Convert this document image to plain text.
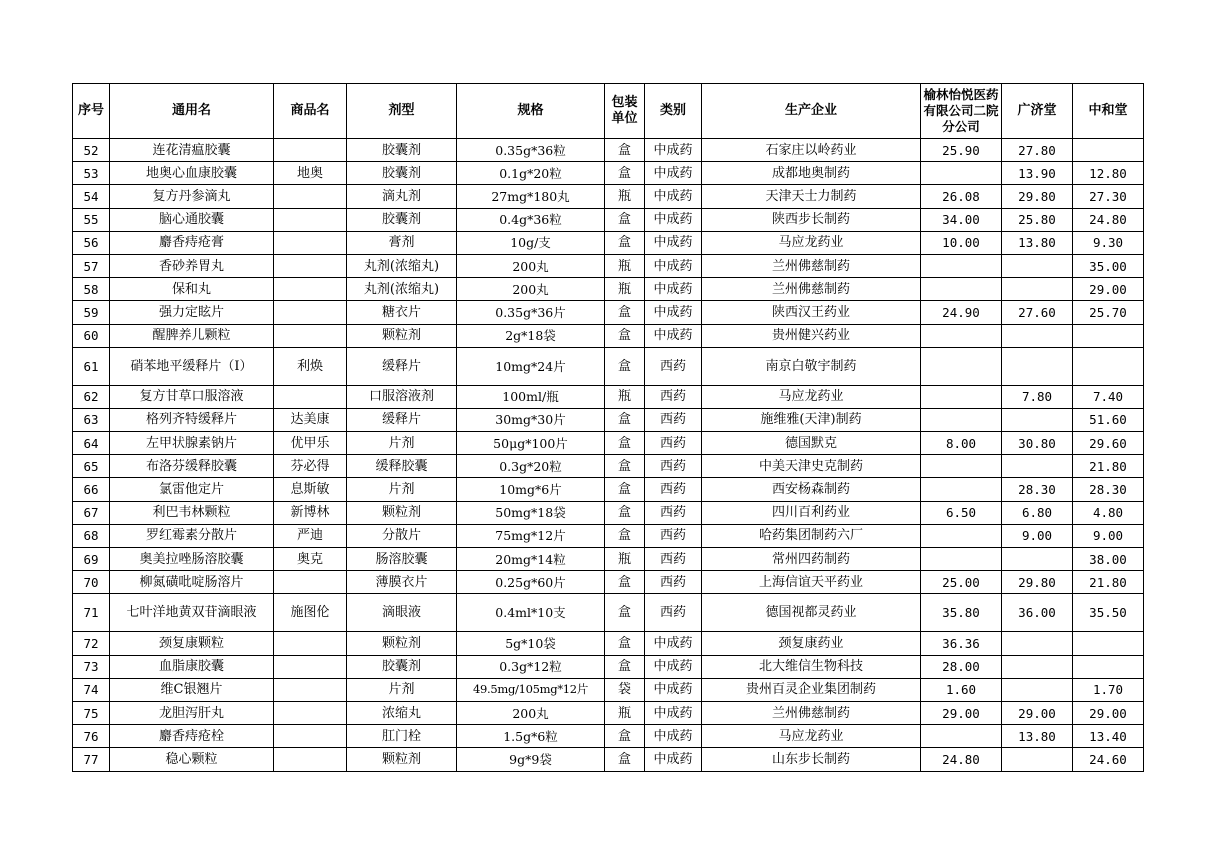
序号	通用名	商品名	剂型	规格	包装单位	类别	生产企业	榆林怡悦医药有限公司二院分公司	广济堂	中和堂
52	连花清瘟胶囊		胶囊剂	0.35g*36粒	盒	中成药	石家庄以岭药业	25.90	27.80	
53	地奥心血康胶囊	地奥	胶囊剂	0.1g*20粒	盒	中成药	成都地奥制药		13.90	12.80
54	复方丹参滴丸		滴丸剂	27mg*180丸	瓶	中成药	天津天士力制药	26.08	29.80	27.30
55	脑心通胶囊		胶囊剂	0.4g*36粒	盒	中成药	陕西步长制药	34.00	25.80	24.80
56	麝香痔疮膏		膏剂	10g/支	盒	中成药	马应龙药业	10.00	13.80	9.30
57	香砂养胃丸		丸剂(浓缩丸)	200丸	瓶	中成药	兰州佛慈制药			35.00
58	保和丸		丸剂(浓缩丸)	200丸	瓶	中成药	兰州佛慈制药			29.00
59	强力定眩片		糖衣片	0.35g*36片	盒	中成药	陕西汉王药业	24.90	27.60	25.70
60	醒脾养儿颗粒		颗粒剂	2g*18袋	盒	中成药	贵州健兴药业			
61	硝苯地平缓释片（Ⅰ）	利焕	缓释片	10mg*24片	盒	西药	南京白敬宇制药			
62	复方甘草口服溶液		口服溶液剂	100ml/瓶	瓶	西药	马应龙药业		7.80	7.40
63	格列齐特缓释片	达美康	缓释片	30mg*30片	盒	西药	施维雅(天津)制药			51.60
64	左甲状腺素钠片	优甲乐	片剂	50μg*100片	盒	西药	德国默克	8.00	30.80	29.60
65	布洛芬缓释胶囊	芬必得	缓释胶囊	0.3g*20粒	盒	西药	中美天津史克制药			21.80
66	氯雷他定片	息斯敏	片剂	10mg*6片	盒	西药	西安杨森制药		28.30	28.30
67	利巴韦林颗粒	新博林	颗粒剂	50mg*18袋	盒	西药	四川百利药业	6.50	6.80	4.80
68	罗红霉素分散片	严迪	分散片	75mg*12片	盒	西药	哈药集团制药六厂		9.00	9.00
69	奥美拉唑肠溶胶囊	奥克	肠溶胶囊	20mg*14粒	瓶	西药	常州四药制药			38.00
70	柳氮磺吡啶肠溶片		薄膜衣片	0.25g*60片	盒	西药	上海信谊天平药业	25.00	29.80	21.80
71	七叶洋地黄双苷滴眼液	施图伦	滴眼液	0.4ml*10支	盒	西药	德国视都灵药业	35.80	36.00	35.50
72	颈复康颗粒		颗粒剂	5g*10袋	盒	中成药	颈复康药业	36.36		
73	血脂康胶囊		胶囊剂	0.3g*12粒	盒	中成药	北大维信生物科技	28.00		
74	维C银翘片		片剂	49.5mg/105mg*12片	袋	中成药	贵州百灵企业集团制药	1.60		1.70
75	龙胆泻肝丸		浓缩丸	200丸	瓶	中成药	兰州佛慈制药	29.00	29.00	29.00
76	麝香痔疮栓		肛门栓	1.5g*6粒	盒	中成药	马应龙药业		13.80	13.40
77	稳心颗粒		颗粒剂	9g*9袋	盒	中成药	山东步长制药	24.80		24.60
